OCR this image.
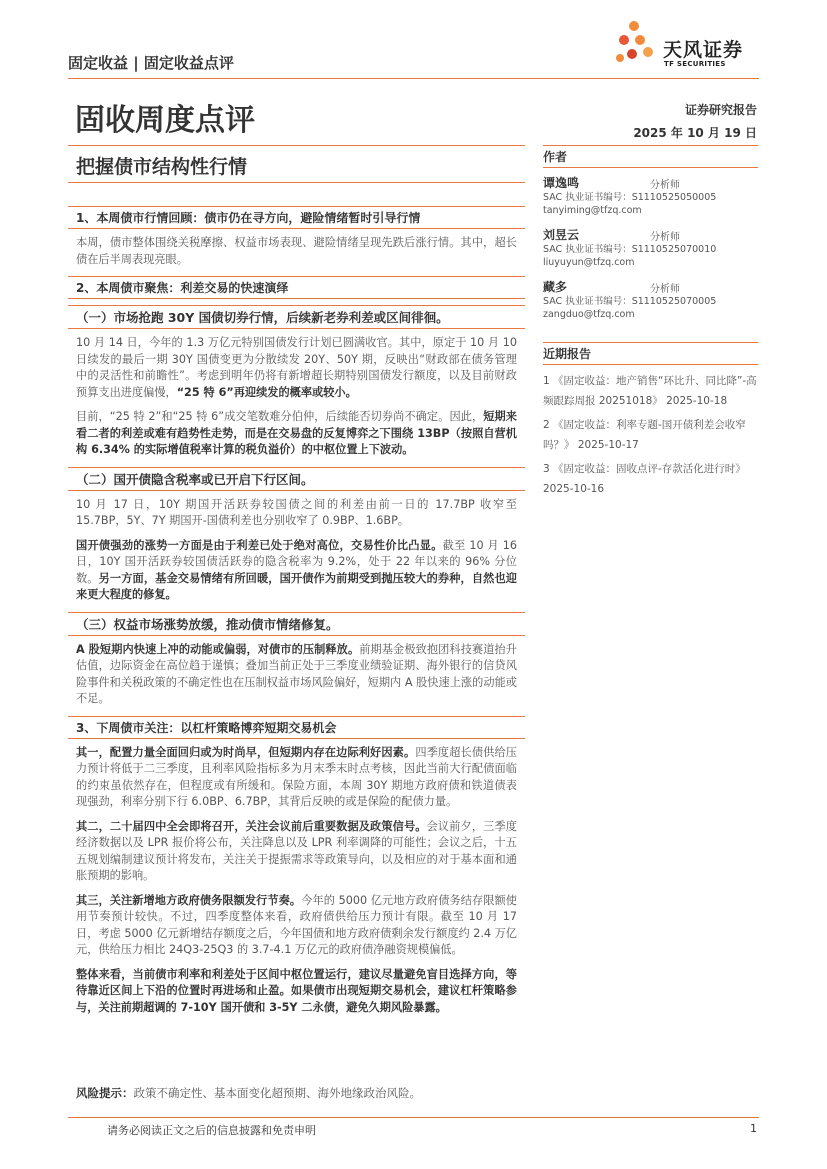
固定收益 | 固定收益点评
天风证券
TF SECURITIES
固收周度点评	证券研究报告
2025 年 10 月 19 日
把握债市结构性行情
1、本周债市行情回顾：债市仍在寻方向，避险情绪暂时引导行情

本周，债市整体围绕关税摩擦、权益市场表现、避险情绪呈现先跌后涨行情。其中，超长债在后半周表现亮眼。

2、本周债市聚焦：利差交易的快速演绎
（一）市场抢跑 30Y 国债切券行情，后续新老券利差或区间徘徊。

10 月 14 日，今年的 1.3 万亿元特别国债发行计划已圆满收官。其中，原定于 10 月 10 日续发的最后一期 30Y 国债变更为分散续发 20Y、50Y 期，反映出“财政部在债务管理中的灵活性和前瞻性”。考虑到明年仍将有新增超长期特别国债发行额度，以及目前财政预算支出进度偏慢，“25 特 6”再迎续发的概率或较小。

目前，“25 特 2”和“25 特 6”成交笔数难分伯仲，后续能否切券尚不确定。因此，短期来看二者的利差或难有趋势性走势，而是在交易盘的反复博弈之下围绕 13BP（按照自营机构 6.34% 的实际增值税率计算的税负溢价）的中枢位置上下波动。

（二）国开债隐含税率或已开启下行区间。

10 月 17 日，10Y 期国开活跃券较国债之间的利差由前一日的 17.7BP 收窄至 15.7BP，5Y、7Y 期国开-国债利差也分别收窄了 0.9BP、1.6BP。

国开债强劲的涨势一方面是由于利差已处于绝对高位，交易性价比凸显。截至 10 月 16 日，10Y 国开活跃券较国债活跃券的隐含税率为 9.2%，处于 22 年以来的 96% 分位数。另一方面，基金交易情绪有所回暖，国开债作为前期受到抛压较大的券种，自然也迎来更大程度的修复。

（三）权益市场涨势放缓，推动债市情绪修复。

A 股短期内快速上冲的动能或偏弱，对债市的压制释放。前期基金极致抱团科技赛道抬升估值，边际资金在高位趋于谨慎；叠加当前正处于三季度业绩验证期、海外银行的信贷风险事件和关税政策的不确定性也在压制权益市场风险偏好，短期内 A 股快速上涨的动能或不足。

3、下周债市关注：以杠杆策略博弈短期交易机会

其一，配置力量全面回归或为时尚早，但短期内存在边际利好因素。四季度超长债供给压力预计将低于二三季度，且利率风险指标多为月末季末时点考核，因此当前大行配债面临的约束虽依然存在，但程度或有所缓和。保险方面，本周 30Y 期地方政府债和铁道债表现强劲，利率分别下行 6.0BP、6.7BP，其背后反映的或是保险的配债力量。

其二，二十届四中全会即将召开，关注会议前后重要数据及政策信号。会议前夕，三季度经济数据以及 LPR 报价将公布，关注降息以及 LPR 利率调降的可能性；会议之后，十五五规划编制建议预计将发布，关注关于提振需求等政策导向，以及相应的对于基本面和通胀预期的影响。

其三，关注新增地方政府债务限额发行节奏。今年的 5000 亿元地方政府债务结存限额使用节奏预计较快。不过，四季度整体来看，政府债供给压力预计有限。截至 10 月 17 日，考虑 5000 亿元新增结存额度之后，今年国债和地方政府债剩余发行额度约 2.4 万亿元，供给压力相比 24Q3-25Q3 的 3.7-4.1 万亿元的政府债净融资规模偏低。

整体来看，当前债市利率和利差处于区间中枢位置运行，建议尽量避免盲目选择方向，等待靠近区间上下沿的位置时再进场和止盈。如果债市出现短期交易机会，建议杠杆策略参与，关注前期超调的 7-10Y 国开债和 3-5Y 二永债，避免久期风险暴露。

风险提示：政策不确定性、基本面变化超预期、海外地缘政治风险。
作者
谭逸鸣	分析师
SAC 执业证书编号：S1110525050005
tanyiming@tfzq.com
刘昱云	分析师
SAC 执业证书编号：S1110525070010
liuyuyun@tfzq.com
藏多	分析师
SAC 执业证书编号：S1110525070005
zangduo@tfzq.com
近期报告
1 《固定收益：地产销售“环比升、同比降”-高频跟踪周报 20251018》 2025-10-18
2 《固定收益：利率专题-国开债利差会收窄吗？》 2025-10-17
3 《固定收益：固收点评-存款活化进行时》 2025-10-16
请务必阅读正文之后的信息披露和免责申明	1
